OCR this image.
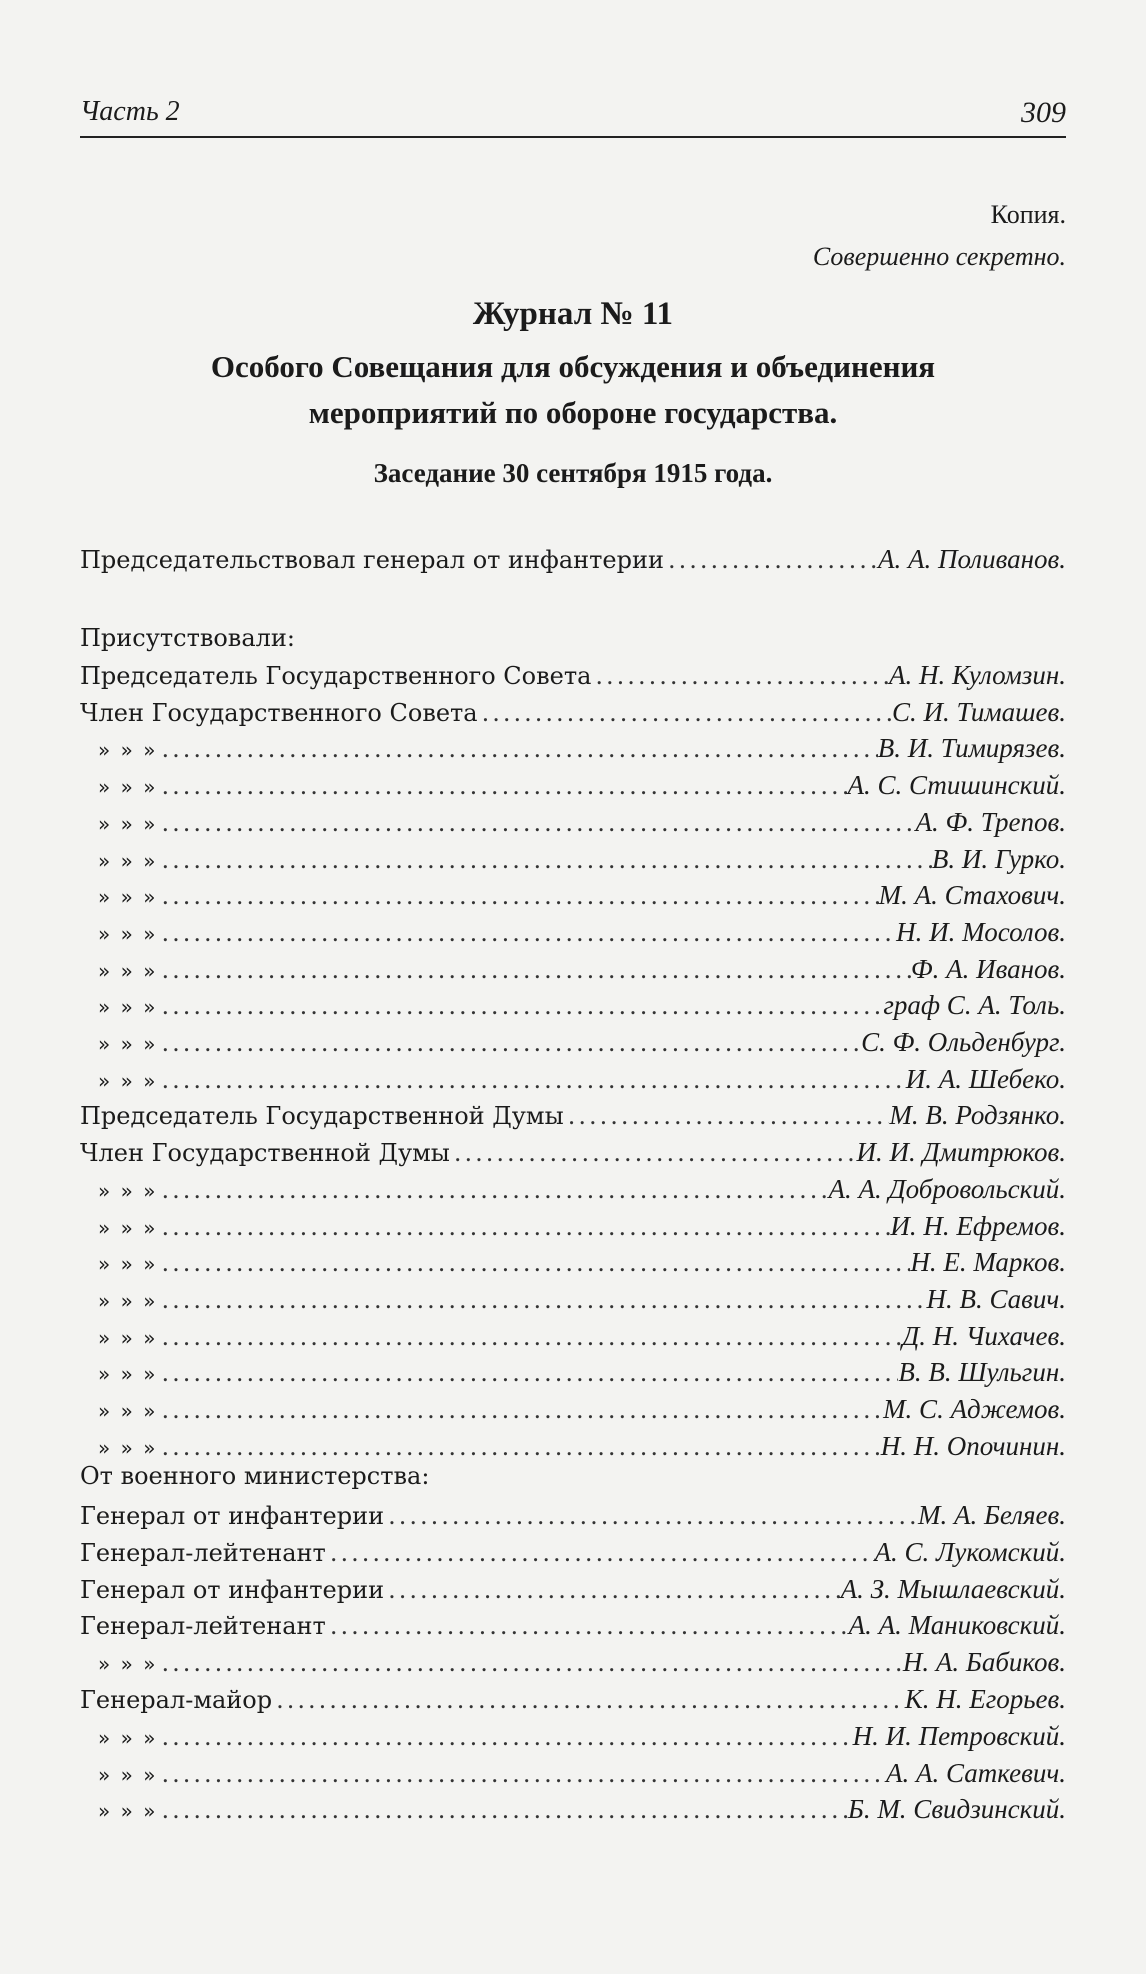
Часть 2	309
Копия.
Совершенно секретно.
Журнал № 11
Особого Совещания для обсуждения и объединения
мероприятий по обороне государства.
Заседание 30 сентября 1915 года.
Председательствовал генерал от инфантерии .....	А. А. Поливанов.
Присутствовали:
Председатель Государственного Совета .....	А. Н. Куломзин.
Член Государственного Совета .....	С. И. Тимашев.
» » » .....	В. И. Тимирязев.
» » » .....	А. С. Стишинский.
» » » .....	А. Ф. Трепов.
» » » .....	В. И. Гурко.
» » » .....	М. А. Стахович.
» » » .....	Н. И. Мосолов.
» » » .....	Ф. А. Иванов.
» » » .....	граф С. А. Толь.
» » » .....	С. Ф. Ольденбург.
» » » .....	И. А. Шебеко.
Председатель Государственной Думы .....	М. В. Родзянко.
Член Государственной Думы .....	И. И. Дмитрюков.
» » » .....	А. А. Добровольский.
» » » .....	И. Н. Ефремов.
» » » .....	Н. Е. Марков.
» » » .....	Н. В. Савич.
» » » .....	Д. Н. Чихачев.
» » » .....	В. В. Шульгин.
» » » .....	М. С. Аджемов.
» » » .....	Н. Н. Опочинин.
От военного министерства:
Генерал от инфантерии .....	М. А. Беляев.
Генерал-лейтенант .....	А. С. Лукомский.
Генерал от инфантерии .....	А. З. Мышлаевский.
Генерал-лейтенант .....	А. А. Маниковский.
» » » .....	Н. А. Бабиков.
Генерал-майор .....	К. Н. Егорьев.
» » » .....	Н. И. Петровский.
» » » .....	А. А. Саткевич.
» » » .....	Б. М. Свидзинский.
